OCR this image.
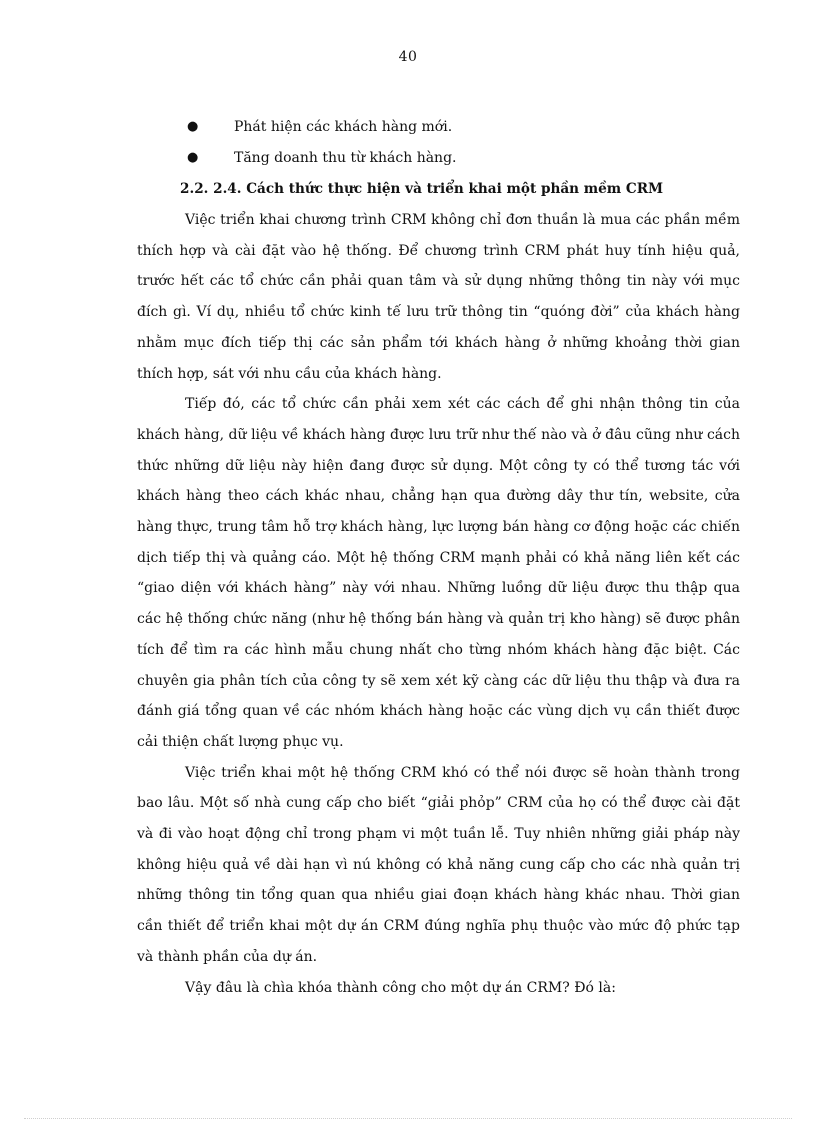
40
●	Phát hiện các khách hàng mới.
●	Tăng doanh thu từ khách hàng.
2.2. 2.4. Cách thức thực hiện và triển khai một phần mềm CRM

Việc triển khai chương trình CRM không chỉ đơn thuần là mua các phần mềm thích hợp và cài đặt vào hệ thống. Để chương trình CRM phát huy tính hiệu quả, trước hết các tổ chức cần phải quan tâm và sử dụng những thông tin này với mục đích gì. Ví dụ, nhiều tổ chức kinh tế lưu trữ thông tin “quóng đời” của khách hàng nhằm mục đích tiếp thị các sản phẩm tới khách hàng ở những khoảng thời gian thích hợp, sát với nhu cầu của khách hàng.

Tiếp đó, các tổ chức cần phải xem xét các cách để ghi nhận thông tin của khách hàng, dữ liệu về khách hàng được lưu trữ như thế nào và ở đâu cũng như cách thức những dữ liệu này hiện đang được sử dụng. Một công ty có thể tương tác với khách hàng theo cách khác nhau, chẳng hạn qua đường dây thư tín, website, cửa hàng thực, trung tâm hỗ trợ khách hàng, lực lượng bán hàng cơ động hoặc các chiến dịch tiếp thị và quảng cáo. Một hệ thống CRM mạnh phải có khả năng liên kết các “giao diện với khách hàng” này với nhau. Những luồng dữ liệu được thu thập qua các hệ thống chức năng (như hệ thống bán hàng và quản trị kho hàng) sẽ được phân tích để tìm ra các hình mẫu chung nhất cho từng nhóm khách hàng đặc biệt. Các chuyên gia phân tích của công ty sẽ xem xét kỹ càng các dữ liệu thu thập và đưa ra đánh giá tổng quan về các nhóm khách hàng hoặc các vùng dịch vụ cần thiết được cải thiện chất lượng phục vụ.

Việc triển khai một hệ thống CRM khó có thể nói được sẽ hoàn thành trong bao lâu. Một số nhà cung cấp cho biết “giải phỏp” CRM của họ có thể được cài đặt và đi vào hoạt động chỉ trong phạm vi một tuần lễ. Tuy nhiên những giải pháp này không hiệu quả về dài hạn vì nú không có khả năng cung cấp cho các nhà quản trị những thông tin tổng quan qua nhiều giai đoạn khách hàng khác nhau. Thời gian cần thiết để triển khai một dự án CRM đúng nghĩa phụ thuộc vào mức độ phức tạp và thành phần của dự án.

Vậy đâu là chìa khóa thành công cho một dự án CRM? Đó là:
